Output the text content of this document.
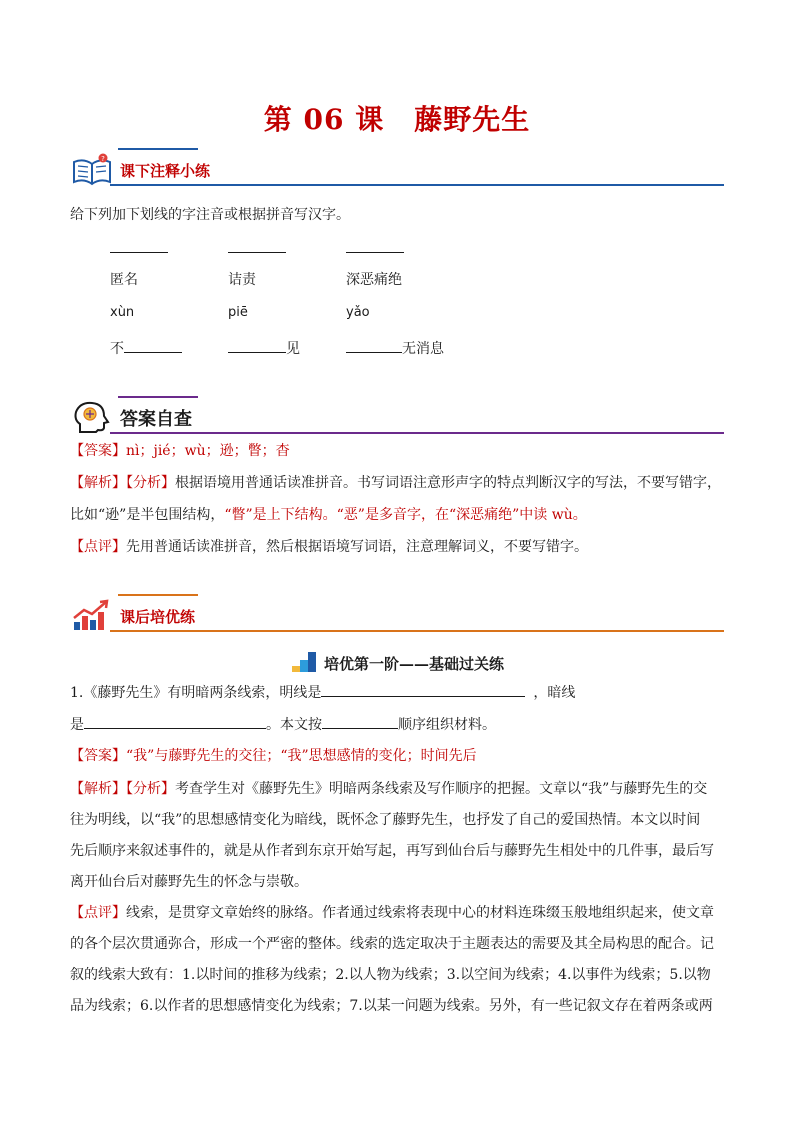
第 06 课 藤野先生
?
课下注释小练
给下列加下划线的字注音或根据拼音写汉字。
匿名	诘责	深恶痛绝
xùn	piē	yǎo
不	见	无消息
答案自查
【答案】nì；jié；wù；逊；瞥；杳
【解析】【分析】根据语境用普通话读准拼音。书写词语注意形声字的特点判断汉字的写法，不要写错字，
比如“逊”是半包围结构，“瞥”是上下结构。“恶”是多音字，在“深恶痛绝”中读 wù。
【点评】先用普通话读准拼音，然后根据语境写词语，注意理解词义，不要写错字。
课后培优练
培优第一阶——基础过关练
1.《藤野先生》有明暗两条线索，明线是	，暗线
是	。本文按	顺序组织材料。
【答案】“我”与藤野先生的交往；“我”思想感情的变化；时间先后
【解析】【分析】考查学生对《藤野先生》明暗两条线索及写作顺序的把握。文章以“我”与藤野先生的交
往为明线，以“我”的思想感情变化为暗线，既怀念了藤野先生，也抒发了自己的爱国热情。本文以时间
先后顺序来叙述事件的，就是从作者到东京开始写起，再写到仙台后与藤野先生相处中的几件事，最后写
离开仙台后对藤野先生的怀念与崇敬。
【点评】线索，是贯穿文章始终的脉络。作者通过线索将表现中心的材料连珠缀玉般地组织起来，使文章
的各个层次贯通弥合，形成一个严密的整体。线索的选定取决于主题表达的需要及其全局构思的配合。记
叙的线索大致有：1.以时间的推移为线索；2.以人物为线索；3.以空间为线索；4.以事件为线索；5.以物
品为线索；6.以作者的思想感情变化为线索；7.以某一问题为线索。另外，有一些记叙文存在着两条或两
